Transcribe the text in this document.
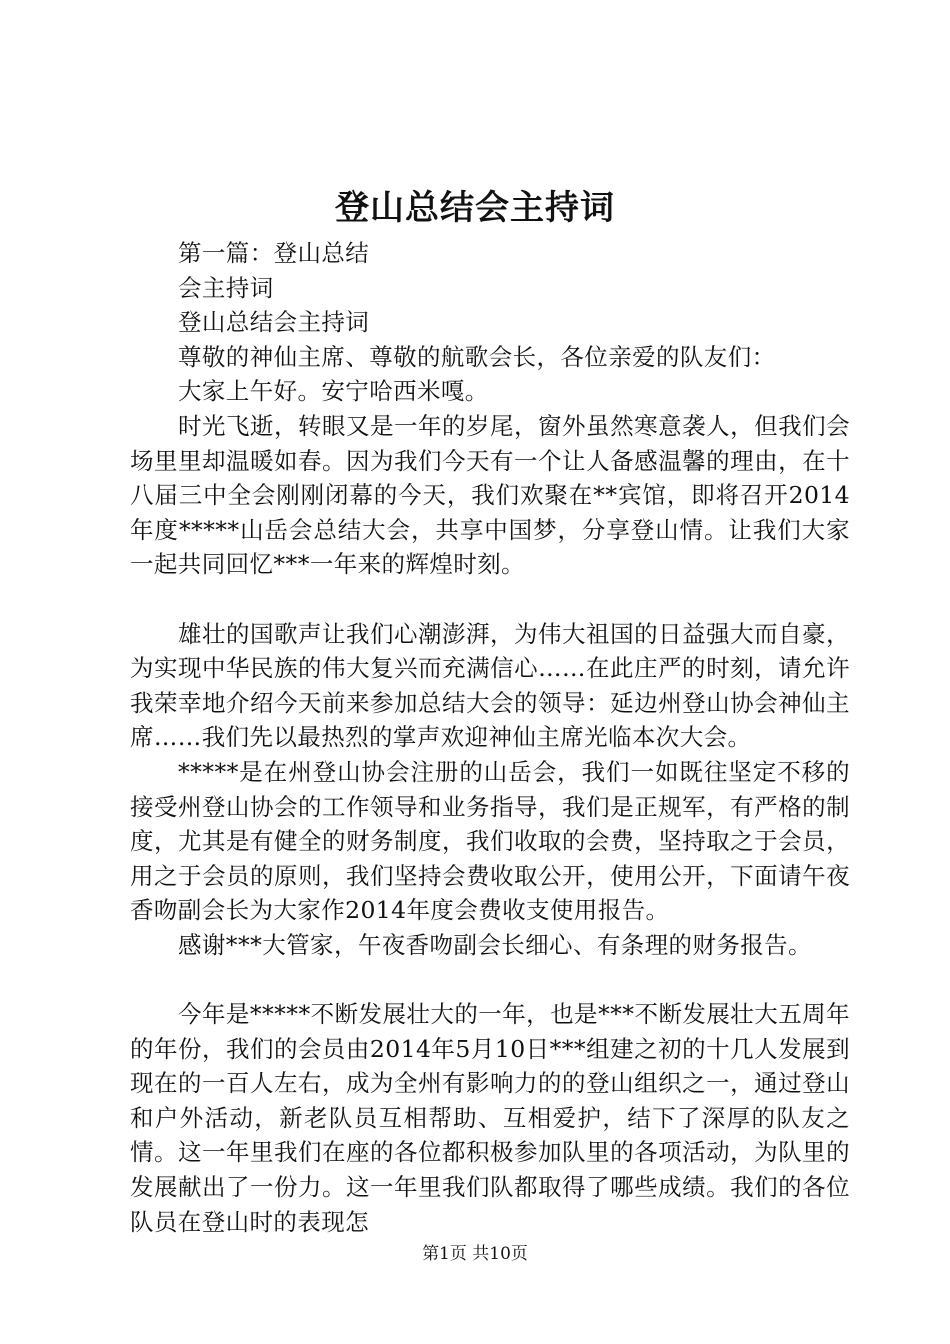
登山总结会主持词

第一篇：登山总结

会主持词

登山总结会主持词

尊敬的神仙主席、尊敬的航歌会长，各位亲爱的队友们：

大家上午好。安宁哈西米嘎。

时光飞逝，转眼又是一年的岁尾，窗外虽然寒意袭人，但我们会场里里却温暖如春。因为我们今天有一个让人备感温馨的理由，在十八届三中全会刚刚闭幕的今天，我们欢聚在**宾馆，即将召开2014年度*****山岳会总结大会，共享中国梦，分享登山情。让我们大家一起共同回忆***一年来的辉煌时刻。

雄壮的国歌声让我们心潮澎湃，为伟大祖国的日益强大而自豪，为实现中华民族的伟大复兴而充满信心……在此庄严的时刻，请允许我荣幸地介绍今天前来参加总结大会的领导：延边州登山协会神仙主席……我们先以最热烈的掌声欢迎神仙主席光临本次大会。

*****是在州登山协会注册的山岳会，我们一如既往坚定不移的接受州登山协会的工作领导和业务指导，我们是正规军，有严格的制度，尤其是有健全的财务制度，我们收取的会费，坚持取之于会员，用之于会员的原则，我们坚持会费收取公开，使用公开，下面请午夜香吻副会长为大家作2014年度会费收支使用报告。

感谢***大管家，午夜香吻副会长细心、有条理的财务报告。

今年是*****不断发展壮大的一年，也是***不断发展壮大五周年的年份，我们的会员由2014年5月10日***组建之初的十几人发展到现在的一百人左右，成为全州有影响力的的登山组织之一，通过登山和户外活动，新老队员互相帮助、互相爱护，结下了深厚的队友之情。这一年里我们在座的各位都积极参加队里的各项活动，为队里的发展献出了一份力。这一年里我们队都取得了哪些成绩。我们的各位队员在登山时的表现怎

第1页 共10页
